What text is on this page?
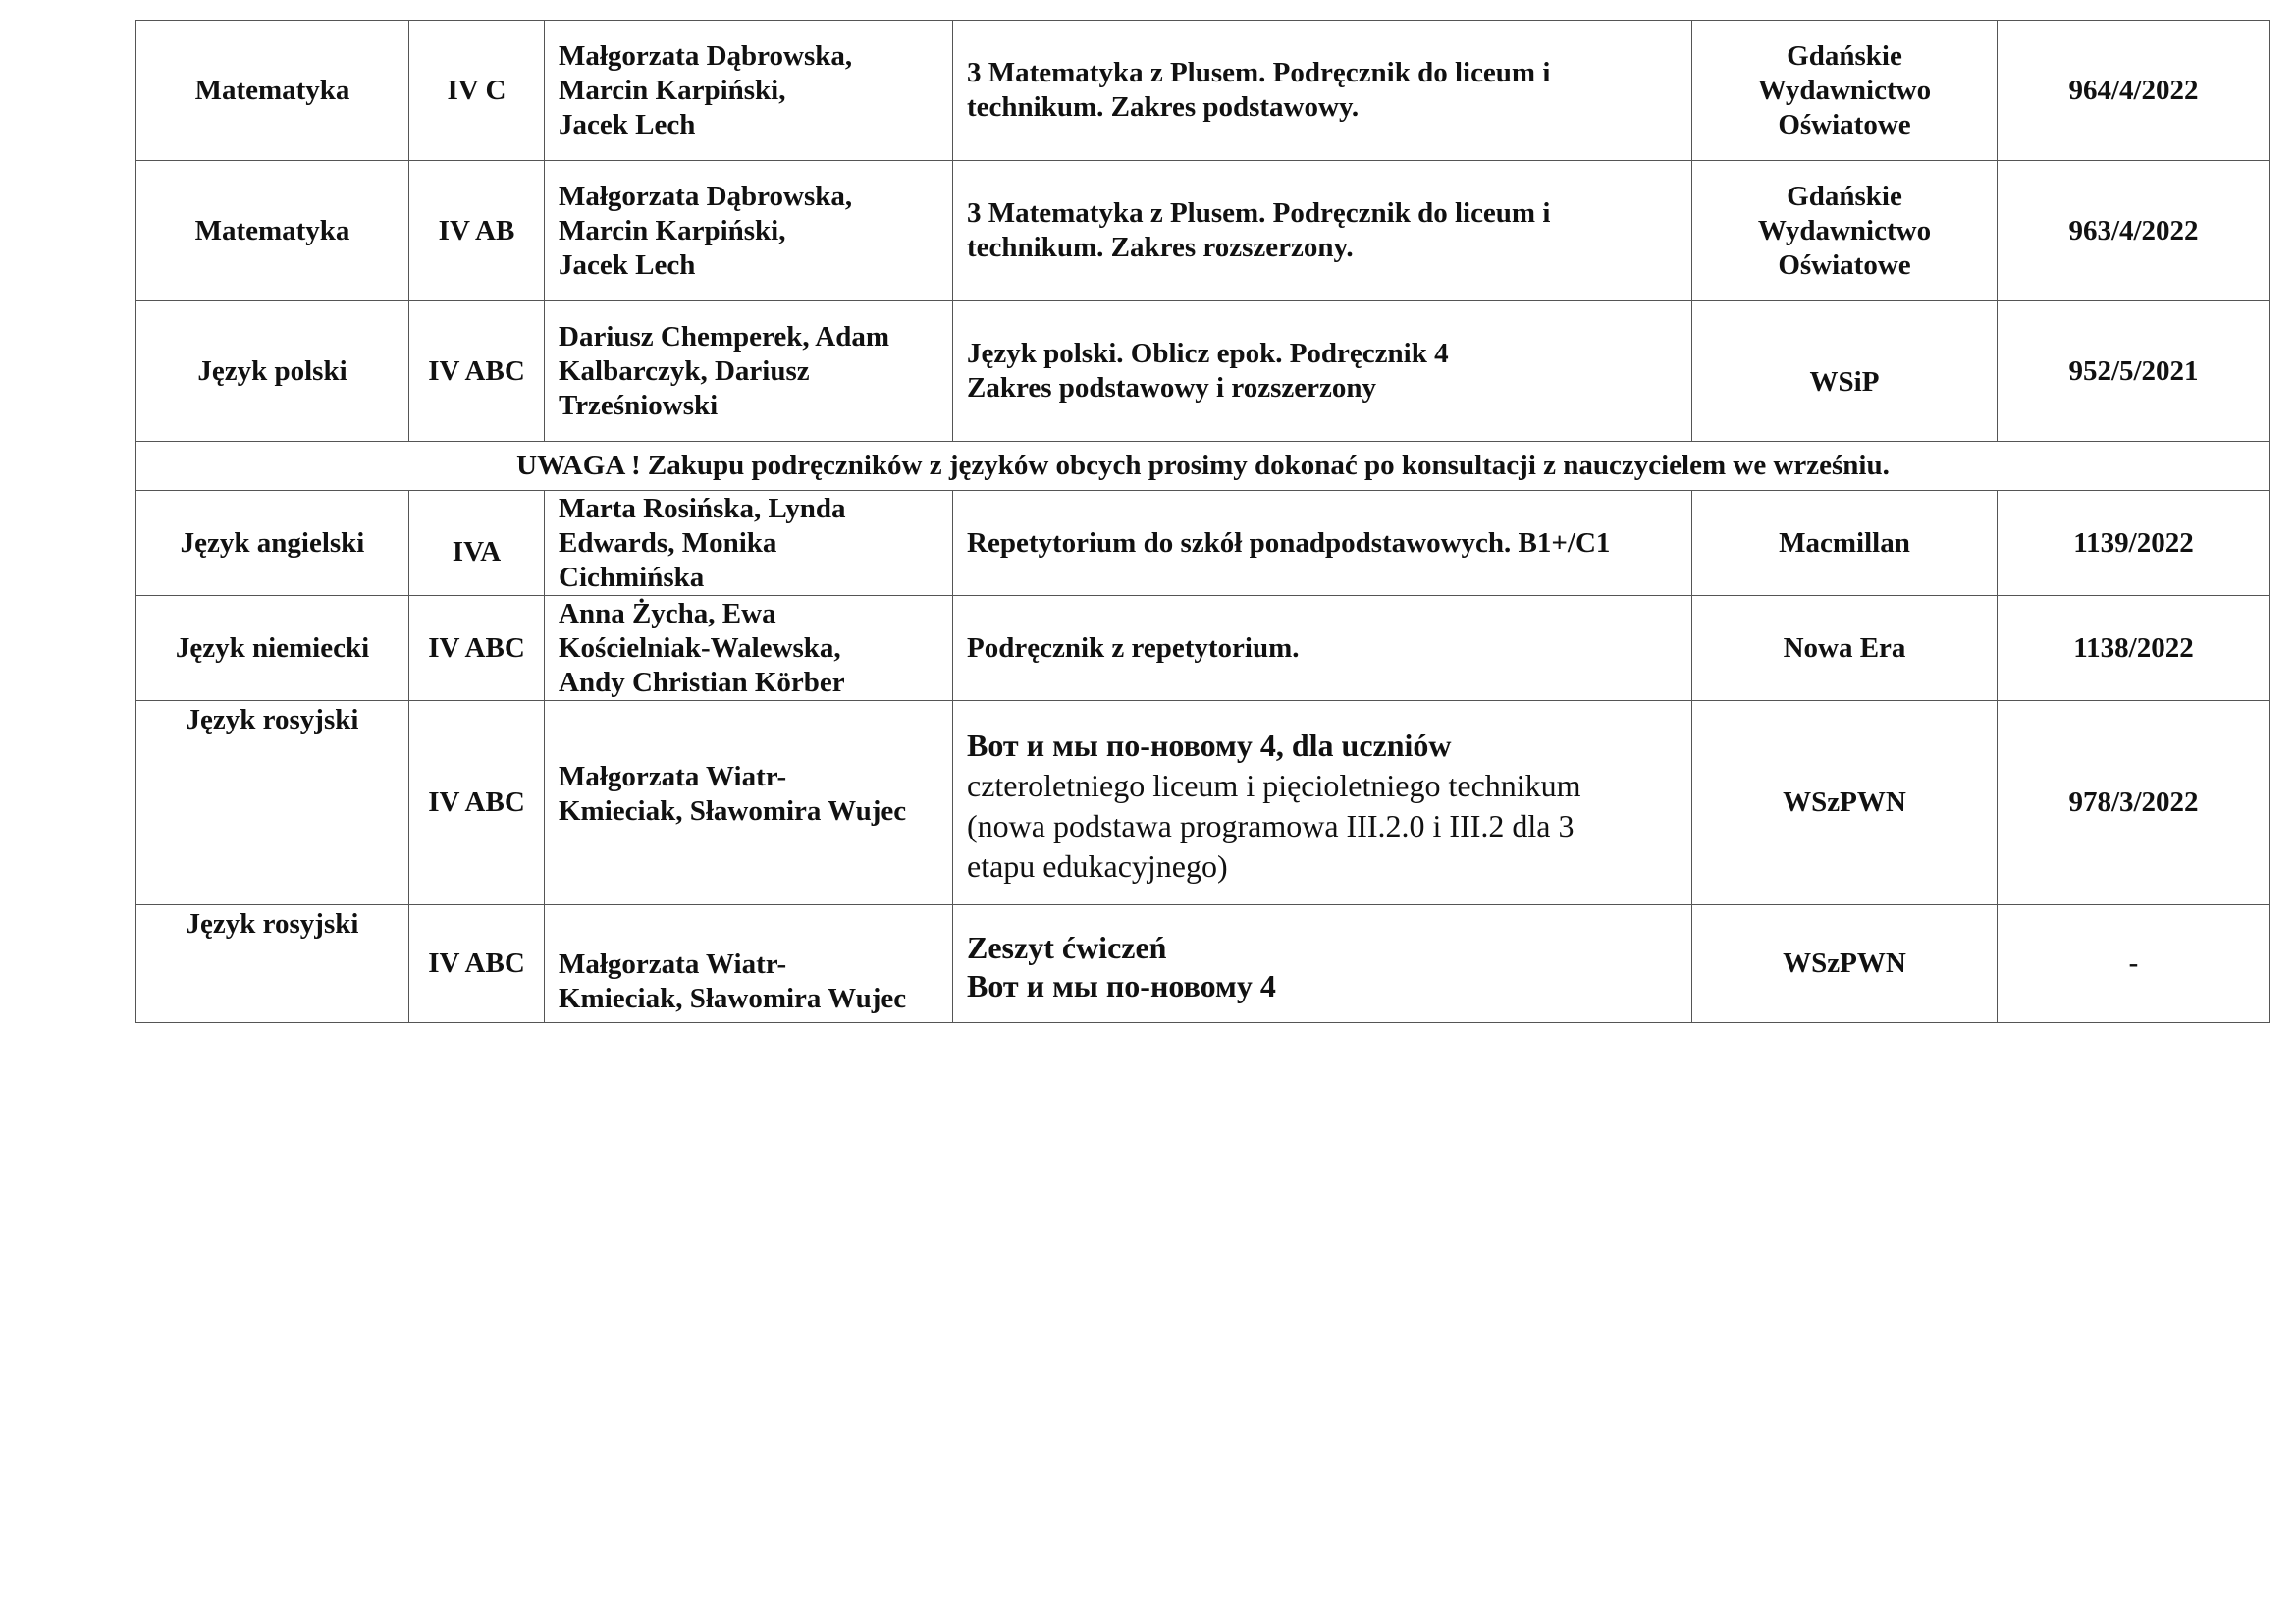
Matematyka	IV C	Małgorzata Dąbrowska,
Marcin Karpiński,
Jacek Lech	3 Matematyka z Plusem. Podręcznik do liceum i
technikum. Zakres podstawowy.	Gdańskie
Wydawnictwo
Oświatowe	964/4/2022
Matematyka	IV AB	Małgorzata Dąbrowska,
Marcin Karpiński,
Jacek Lech	3 Matematyka z Plusem. Podręcznik do liceum i
technikum. Zakres rozszerzony.	Gdańskie
Wydawnictwo
Oświatowe	963/4/2022
Język polski	IV ABC	Dariusz Chemperek, Adam
Kalbarczyk, Dariusz
Trześniowski	Język polski. Oblicz epok. Podręcznik 4
Zakres podstawowy i rozszerzony	WSiP	952/5/2021
UWAGA ! Zakupu podręczników z języków obcych prosimy dokonać po konsultacji z nauczycielem we wrześniu.					
Język angielski	IVA	Marta Rosińska, Lynda
Edwards, Monika
Cichmińska	Repetytorium do szkół ponadpodstawowych. B1+/C1	Macmillan	1139/2022
Język niemiecki	IV ABC	Anna Życha, Ewa
Kościelniak-Walewska,
Andy Christian Körber	Podręcznik z repetytorium.	Nowa Era	1138/2022
Język rosyjski	IV ABC	Małgorzata Wiatr-
Kmieciak, Sławomira Wujec	Вот и мы по-новому 4, dla uczniów
czteroletniego liceum i pięcioletniego technikum
(nowa podstawa programowa III.2.0 i III.2 dla 3
etapu edukacyjnego)	WSzPWN	978/3/2022
Język rosyjski	IV ABC	Małgorzata Wiatr-
Kmieciak, Sławomira Wujec	Zeszyt ćwiczeń
Вот и мы по-новому 4	WSzPWN	-
